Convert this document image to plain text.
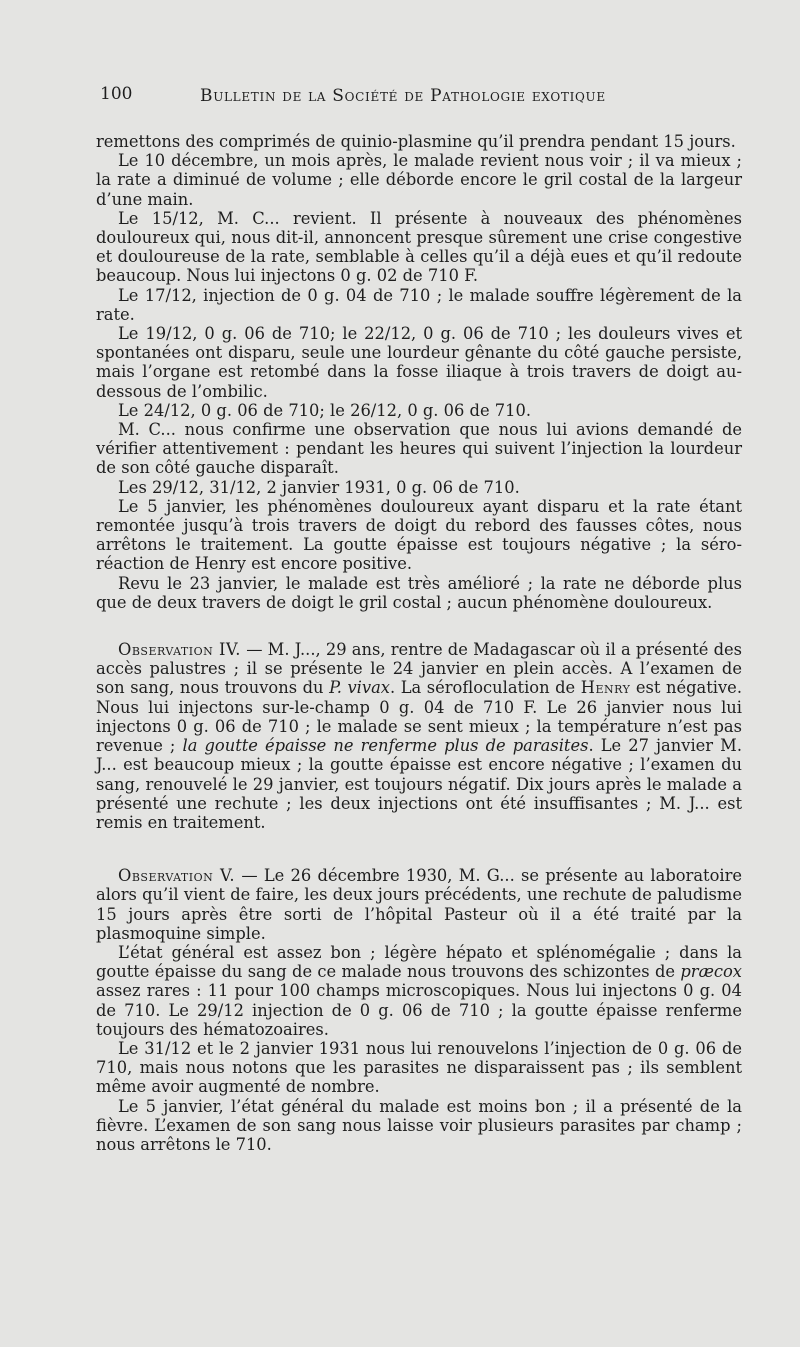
100	Bulletin de la Société de Pathologie exotique

remettons des comprimés de quinio-plasmine qu’il prendra pendant 15 jours.

Le 10 décembre, un mois après, le malade revient nous voir ; il va mieux ; la rate a diminué de volume ; elle déborde encore le gril costal de la largeur d’une main.

Le 15/12, M. C... revient. Il présente à nouveaux des phénomènes douloureux qui, nous dit-il, annoncent presque sûrement une crise congestive et douloureuse de la rate, semblable à celles qu’il a déjà eues et qu’il redoute beaucoup. Nous lui injectons 0 g. 02 de 710 F.

Le 17/12, injection de 0 g. 04 de 710 ; le malade souffre légèrement de la rate.

Le 19/12, 0 g. 06 de 710; le 22/12, 0 g. 06 de 710 ; les douleurs vives et spontanées ont disparu, seule une lourdeur gênante du côté gauche persiste, mais l’organe est retombé dans la fosse iliaque à trois travers de doigt au-dessous de l’ombilic.

Le 24/12, 0 g. 06 de 710; le 26/12, 0 g. 06 de 710.

M. C... nous confirme une observation que nous lui avions demandé de vérifier attentivement : pendant les heures qui suivent l’injection la lourdeur de son côté gauche disparaît.

Les 29/12, 31/12, 2 janvier 1931, 0 g. 06 de 710.

Le 5 janvier, les phénomènes douloureux ayant disparu et la rate étant remontée jusqu’à trois travers de doigt du rebord des fausses côtes, nous arrêtons le traitement. La goutte épaisse est toujours négative ; la séro-réaction de Henry est encore positive.

Revu le 23 janvier, le malade est très amélioré ; la rate ne déborde plus que de deux travers de doigt le gril costal ; aucun phénomène douloureux.

Observation IV. — M. J..., 29 ans, rentre de Madagascar où il a présenté des accès palustres ; il se présente le 24 janvier en plein accès. A l’examen de son sang, nous trouvons du P. vivax. La sérofloculation de Henry est négative. Nous lui injectons sur-le-champ 0 g. 04 de 710 F. Le 26 janvier nous lui injectons 0 g. 06 de 710 ; le malade se sent mieux ; la température n’est pas revenue ; la goutte épaisse ne renferme plus de parasites. Le 27 janvier M. J... est beaucoup mieux ; la goutte épaisse est encore négative ; l’examen du sang, renouvelé le 29 janvier, est toujours négatif. Dix jours après le malade a présenté une rechute ; les deux injections ont été insuffisantes ; M. J... est remis en traitement.

Observation V. — Le 26 décembre 1930, M. G... se présente au laboratoire alors qu’il vient de faire, les deux jours précédents, une rechute de paludisme 15 jours après être sorti de l’hôpital Pasteur où il a été traité par la plasmoquine simple.

L’état général est assez bon ; légère hépato et splénomégalie ; dans la goutte épaisse du sang de ce malade nous trouvons des schizontes de præcox assez rares : 11 pour 100 champs microscopiques. Nous lui injectons 0 g. 04 de 710. Le 29/12 injection de 0 g. 06 de 710 ; la goutte épaisse renferme toujours des hématozoaires.

Le 31/12 et le 2 janvier 1931 nous lui renouvelons l’injection de 0 g. 06 de 710, mais nous notons que les parasites ne disparaissent pas ; ils semblent même avoir augmenté de nombre.

Le 5 janvier, l’état général du malade est moins bon ; il a présenté de la fièvre. L’examen de son sang nous laisse voir plusieurs parasites par champ ; nous arrêtons le 710.
